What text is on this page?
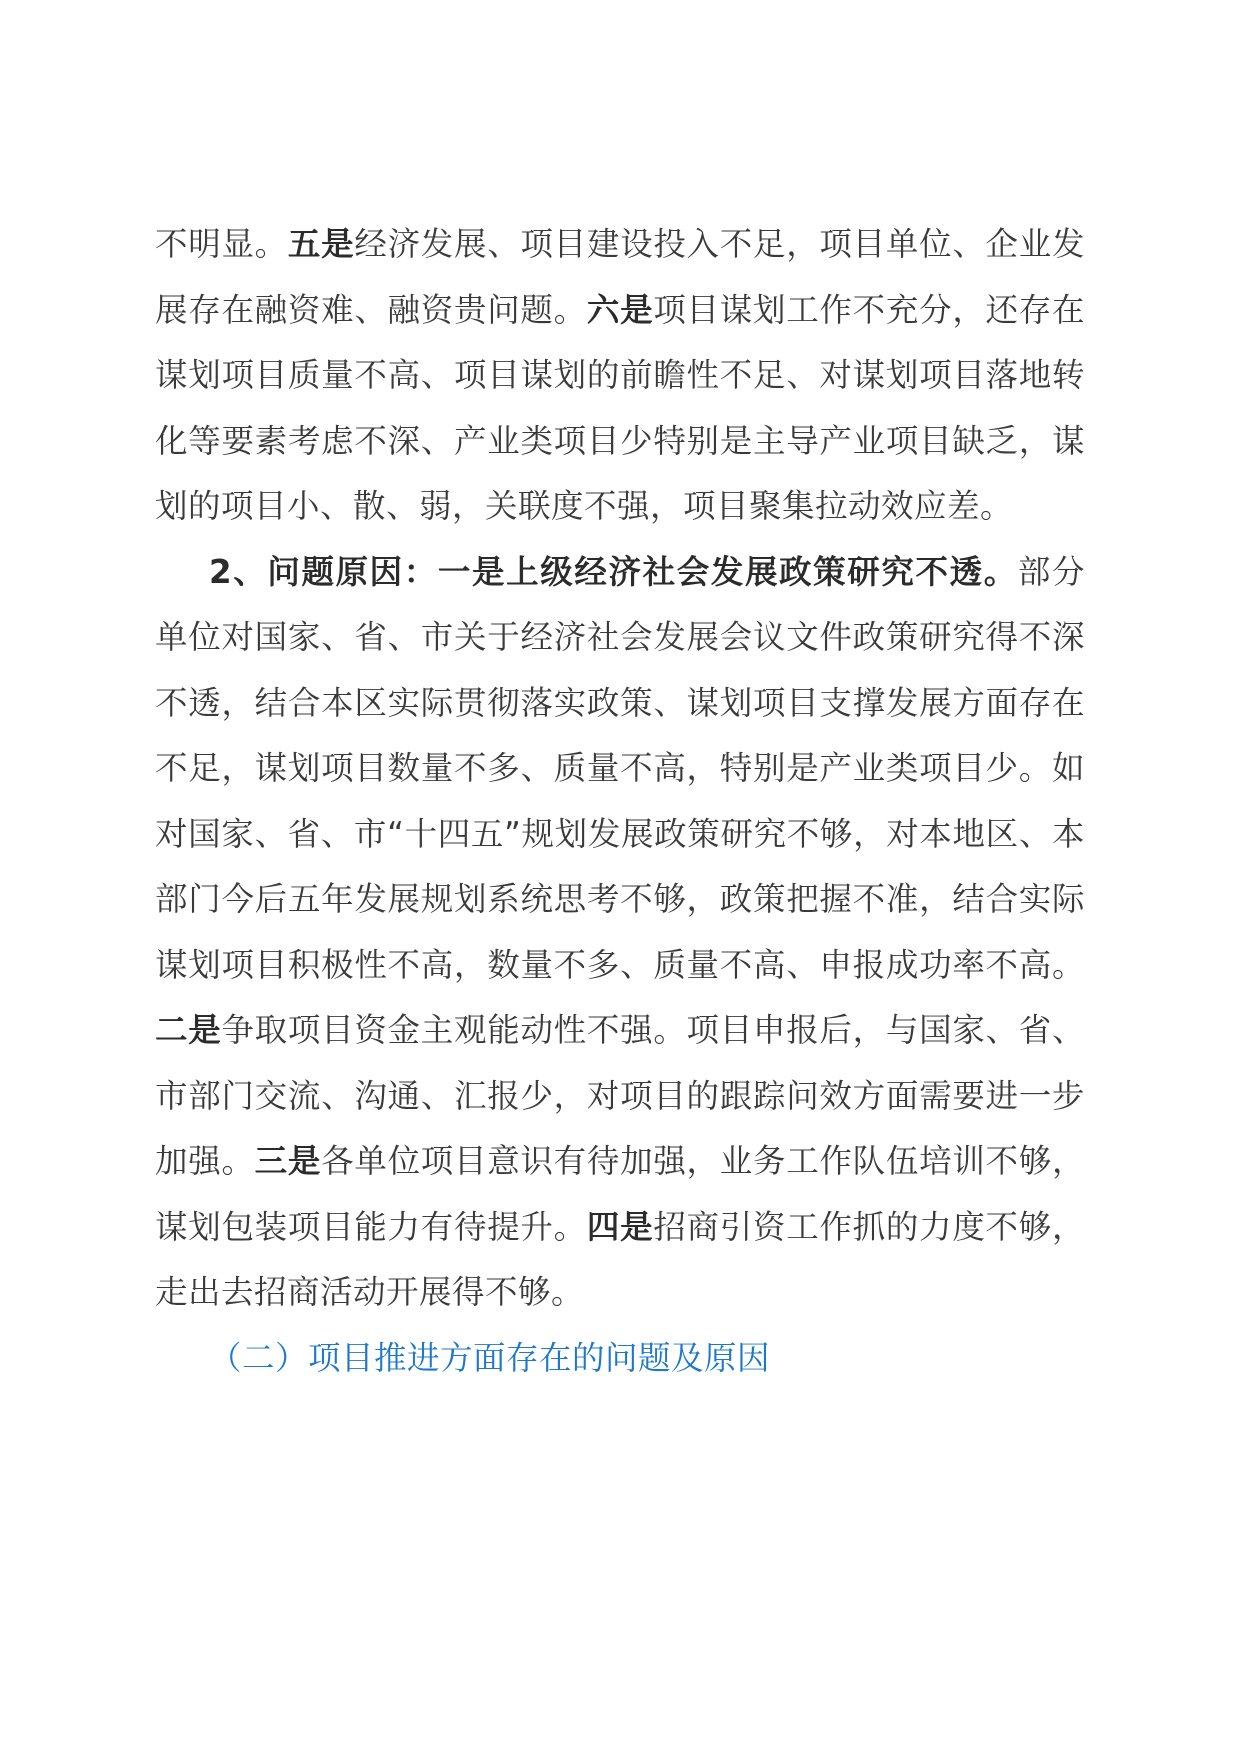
不明显。五是经济发展、项目建设投入不足，项目单位、企业发展存在融资难、融资贵问题。六是项目谋划工作不充分，还存在谋划项目质量不高、项目谋划的前瞻性不足、对谋划项目落地转化等要素考虑不深、产业类项目少特别是主导产业项目缺乏，谋划的项目小、散、弱，关联度不强，项目聚集拉动效应差。

2、问题原因：一是上级经济社会发展政策研究不透。部分单位对国家、省、市关于经济社会发展会议文件政策研究得不深不透，结合本区实际贯彻落实政策、谋划项目支撑发展方面存在不足，谋划项目数量不多、质量不高，特别是产业类项目少。如对国家、省、市“十四五”规划发展政策研究不够，对本地区、本部门今后五年发展规划系统思考不够，政策把握不准，结合实际谋划项目积极性不高，数量不多、质量不高、申报成功率不高。二是争取项目资金主观能动性不强。项目申报后，与国家、省、市部门交流、沟通、汇报少，对项目的跟踪问效方面需要进一步加强。三是各单位项目意识有待加强，业务工作队伍培训不够，谋划包装项目能力有待提升。四是招商引资工作抓的力度不够，走出去招商活动开展得不够。

（二）项目推进方面存在的问题及原因
